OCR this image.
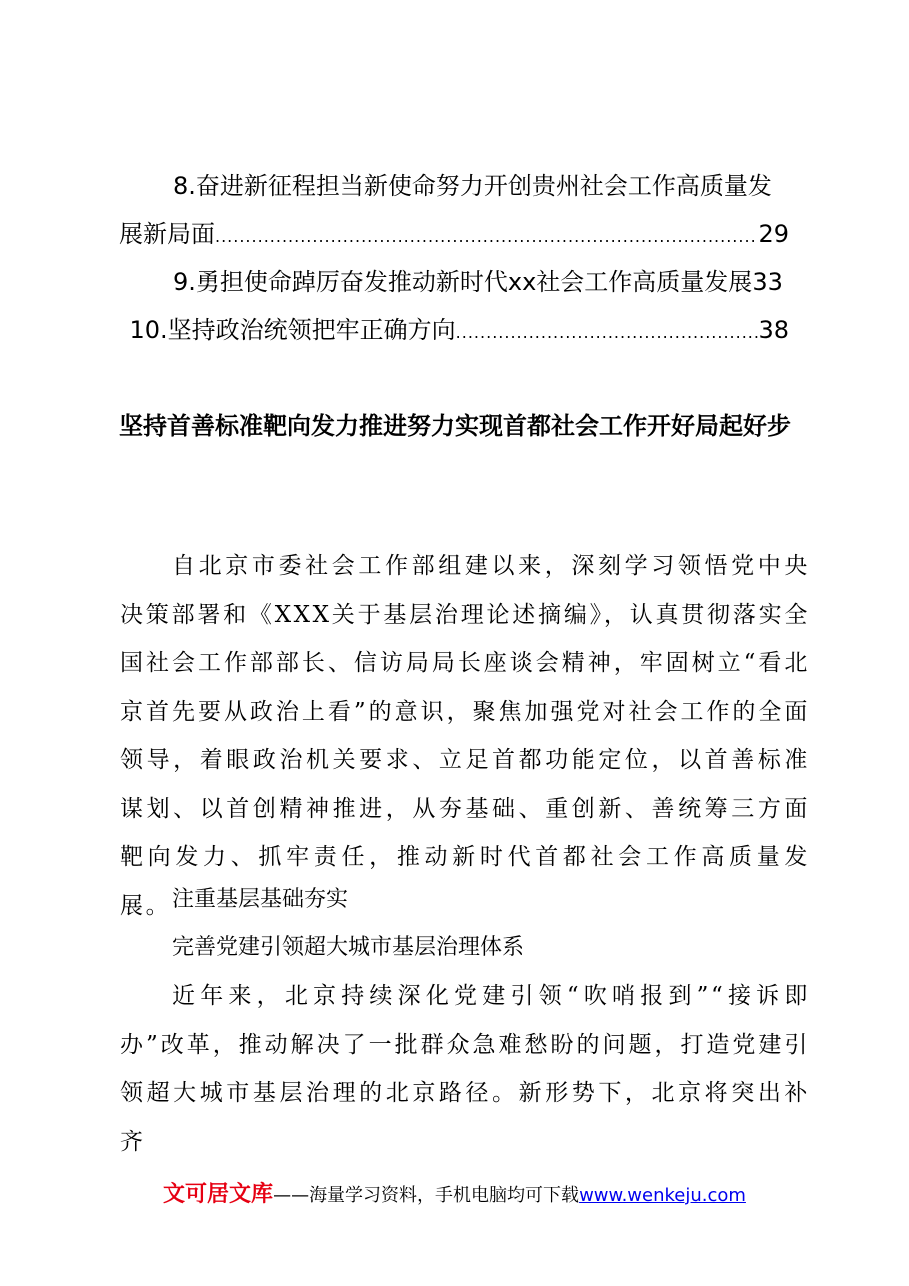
8.奋进新征程担当新使命努力开创贵州社会工作高质量发
展新局面 .....	29
9.勇担使命踔厉奋发推动新时代xx社会工作高质量发展33
10.坚持政治统领把牢正确方向 .....	38
坚持首善标准靶向发力推进努力实现首都社会工作开好局起好步
自北京市委社会工作部组建以来，深刻学习领悟党中央决策部署和《XXX关于基层治理论述摘编》，认真贯彻落实全国社会工作部部长、信访局局长座谈会精神，牢固树立“看北京首先要从政治上看”的意识，聚焦加强党对社会工作的全面领导，着眼政治机关要求、立足首都功能定位，以首善标准谋划、以首创精神推进，从夯基础、重创新、善统筹三方面靶向发力、抓牢责任，推动新时代首都社会工作高质量发展。 注重基层基础夯实
完善党建引领超大城市基层治理体系
近年来，北京持续深化党建引领“吹哨报到”“接诉即办”改革，推动解决了一批群众急难愁盼的问题，打造党建引领超大城市基层治理的北京路径。新形势下，北京将突出补齐
文可居文库——海量学习资料，手机电脑均可下载www.wenkeju.com
